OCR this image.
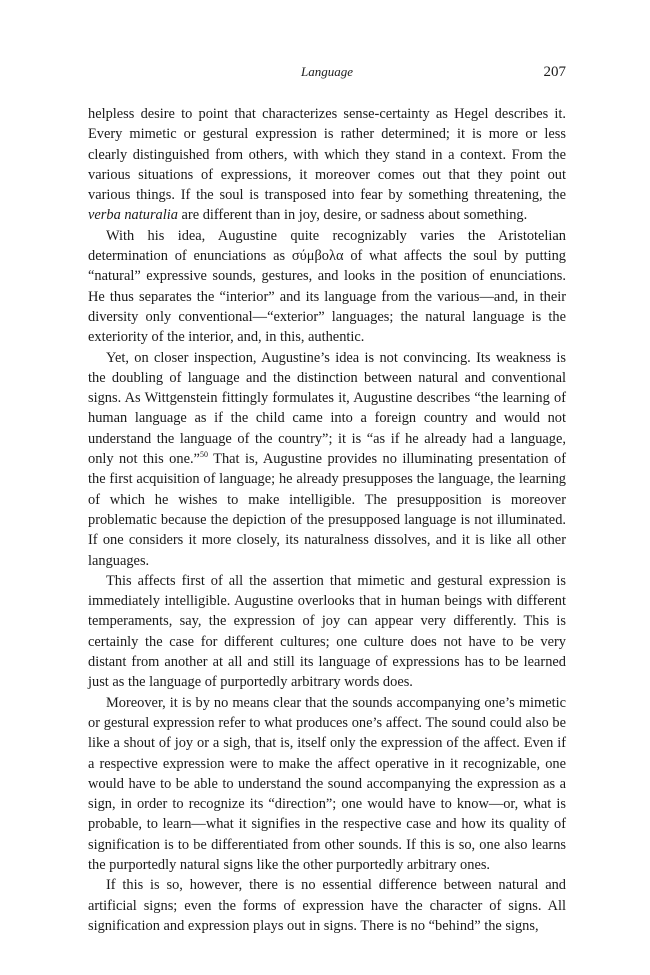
Language	207

helpless desire to point that characterizes sense-certainty as Hegel describes it. Every mimetic or gestural expression is rather determined; it is more or less clearly distinguished from others, with which they stand in a context. From the various situations of expressions, it moreover comes out that they point out various things. If the soul is transposed into fear by something threatening, the verba naturalia are different than in joy, desire, or sadness about something.

With his idea, Augustine quite recognizably varies the Aristotelian determination of enunciations as σύμβολα of what affects the soul by putting “natural” expressive sounds, gestures, and looks in the position of enunciations. He thus separates the “interior” and its language from the various—and, in their diversity only conventional—“exterior” languages; the natural language is the exteriority of the interior, and, in this, authentic.

Yet, on closer inspection, Augustine’s idea is not convincing. Its weakness is the doubling of language and the distinction between natural and conventional signs. As Wittgenstein fittingly formulates it, Augustine describes “the learning of human language as if the child came into a foreign country and would not understand the language of the country”; it is “as if he already had a language, only not this one.”$^{50}$ That is, Augustine provides no illuminating presentation of the first acquisition of language; he already presupposes the language, the learning of which he wishes to make intelligible. The presupposition is moreover problematic because the depiction of the presupposed language is not illuminated. If one considers it more closely, its naturalness dissolves, and it is like all other languages.

This affects first of all the assertion that mimetic and gestural expression is immediately intelligible. Augustine overlooks that in human beings with different temperaments, say, the expression of joy can appear very differently. This is certainly the case for different cultures; one culture does not have to be very distant from another at all and still its language of expressions has to be learned just as the language of purportedly arbitrary words does.

Moreover, it is by no means clear that the sounds accompanying one’s mimetic or gestural expression refer to what produces one’s affect. The sound could also be like a shout of joy or a sigh, that is, itself only the expression of the affect. Even if a respective expression were to make the affect operative in it recognizable, one would have to be able to understand the sound accompanying the expression as a sign, in order to recognize its “direction”; one would have to know—or, what is probable, to learn—what it signifies in the respective case and how its quality of signification is to be differentiated from other sounds. If this is so, one also learns the purportedly natural signs like the other purportedly arbitrary ones.

If this is so, however, there is no essential difference between natural and artificial signs; even the forms of expression have the character of signs. All signification and expression plays out in signs. There is no “behind” the signs,
